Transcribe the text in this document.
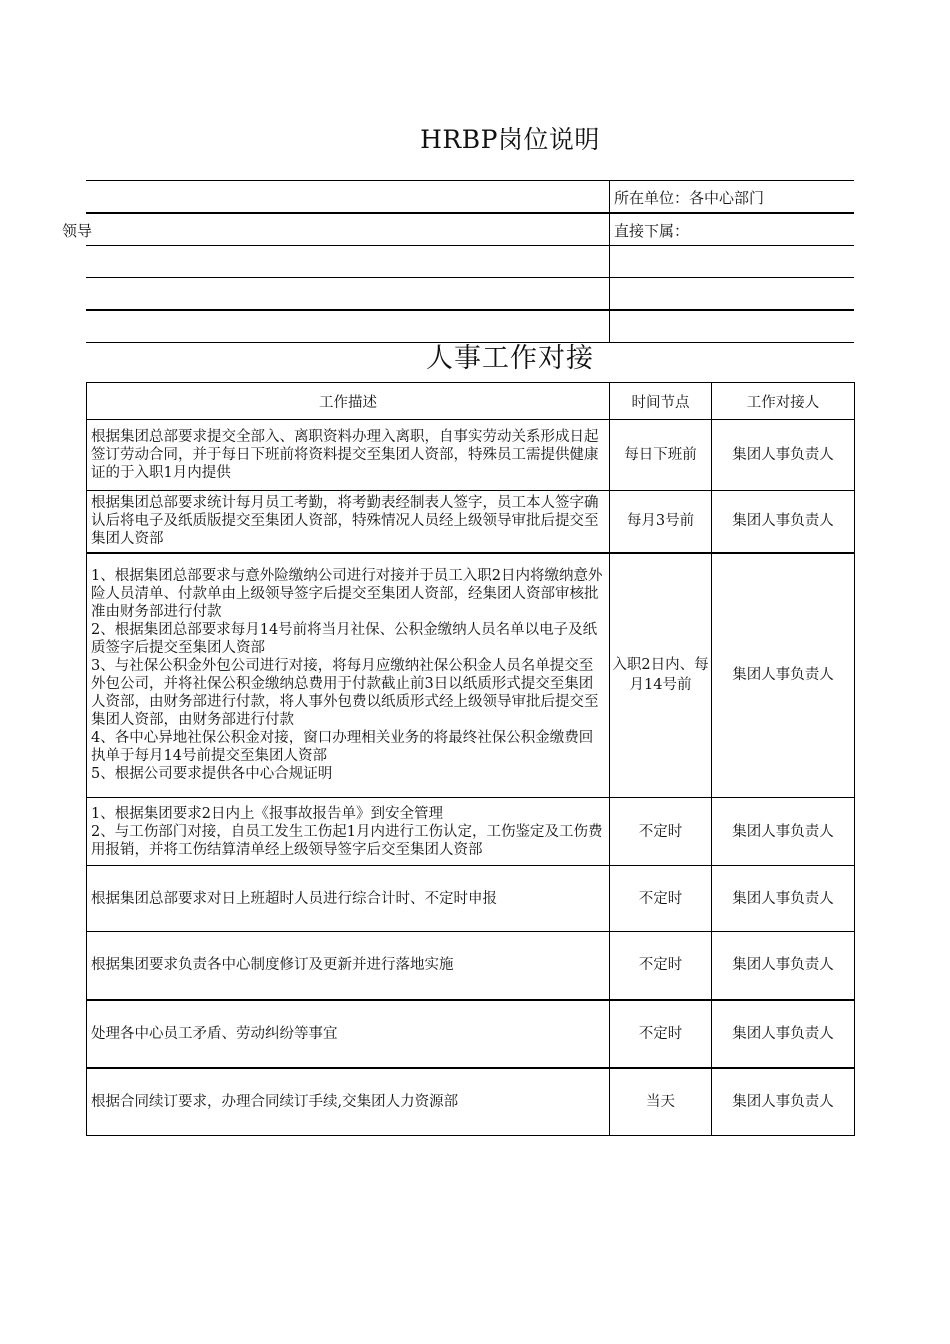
HRBP岗位说明
所在单位：各中心部门
领导	直接下属：
人事工作对接
工作描述	时间节点	工作对接人

根据集团总部要求提交全部入、离职资料办理入离职，自事实劳动关系形成日起签订劳动合同，并于每日下班前将资料提交至集团人资部，特殊员工需提供健康证的于入职1月内提供	每日下班前	集团人事负责人

根据集团总部要求统计每月员工考勤，将考勤表经制表人签字，员工本人签字确认后将电子及纸质版提交至集团人资部，特殊情况人员经上级领导审批后提交至集团人资部	每月3号前	集团人事负责人

1、根据集团总部要求与意外险缴纳公司进行对接并于员工入职2日内将缴纳意外险人员清单、付款单由上级领导签字后提交至集团人资部，经集团人资部审核批准由财务部进行付款
2、根据集团总部要求每月14号前将当月社保、公积金缴纳人员名单以电子及纸质签字后提交至集团人资部
3、与社保公积金外包公司进行对接，将每月应缴纳社保公积金人员名单提交至外包公司，并将社保公积金缴纳总费用于付款截止前3日以纸质形式提交至集团人资部，由财务部进行付款，将人事外包费以纸质形式经上级领导审批后提交至集团人资部，由财务部进行付款
4、各中心异地社保公积金对接，窗口办理相关业务的将最终社保公积金缴费回执单于每月14号前提交至集团人资部
5、根据公司要求提供各中心合规证明	入职2日内、每月14号前	集团人事负责人

1、根据集团要求2日内上《报事故报告单》到安全管理
2、与工伤部门对接，自员工发生工伤起1月内进行工伤认定，工伤鉴定及工伤费用报销，并将工伤结算清单经上级领导签字后交至集团人资部	不定时	集团人事负责人

根据集团总部要求对日上班超时人员进行综合计时、不定时申报	不定时	集团人事负责人

根据集团要求负责各中心制度修订及更新并进行落地实施	不定时	集团人事负责人

处理各中心员工矛盾、劳动纠纷等事宜	不定时	集团人事负责人

根据合同续订要求，办理合同续订手续,交集团人力资源部	当天	集团人事负责人
